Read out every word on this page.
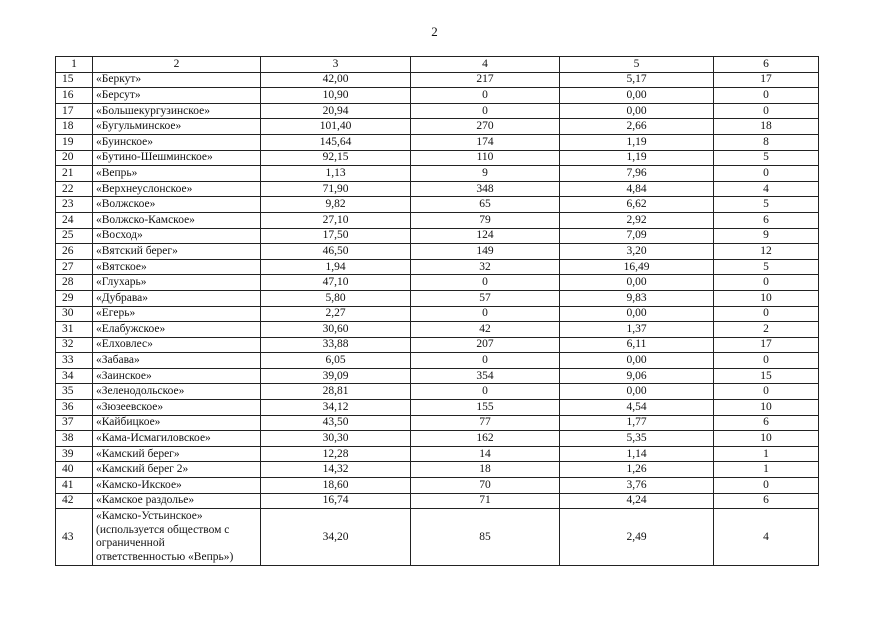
2
1	2	3	4	5	6
15	«Беркут»	42,00	217	5,17	17
16	«Берсут»	10,90	0	0,00	0
17	«Большекургузинское»	20,94	0	0,00	0
18	«Бугульминское»	101,40	270	2,66	18
19	«Буинское»	145,64	174	1,19	8
20	«Бутино-Шешминское»	92,15	110	1,19	5
21	«Вепрь»	1,13	9	7,96	0
22	«Верхнеуслонское»	71,90	348	4,84	4
23	«Волжское»	9,82	65	6,62	5
24	«Волжско-Камское»	27,10	79	2,92	6
25	«Восход»	17,50	124	7,09	9
26	«Вятский берег»	46,50	149	3,20	12
27	«Вятское»	1,94	32	16,49	5
28	«Глухарь»	47,10	0	0,00	0
29	«Дубрава»	5,80	57	9,83	10
30	«Егерь»	2,27	0	0,00	0
31	«Елабужское»	30,60	42	1,37	2
32	«Елховлес»	33,88	207	6,11	17
33	«Забава»	6,05	0	0,00	0
34	«Заинское»	39,09	354	9,06	15
35	«Зеленодольское»	28,81	0	0,00	0
36	«Зюзеевское»	34,12	155	4,54	10
37	«Кайбицкое»	43,50	77	1,77	6
38	«Кама-Исмагиловское»	30,30	162	5,35	10
39	«Камский берег»	12,28	14	1,14	1
40	«Камский берег 2»	14,32	18	1,26	1
41	«Камско-Икское»	18,60	70	3,76	0
42	«Камское раздолье»	16,74	71	4,24	6
43	«Камско-Устьинское»
(используется обществом с
ограниченной
ответственностью «Вепрь»)	34,20	85	2,49	4
